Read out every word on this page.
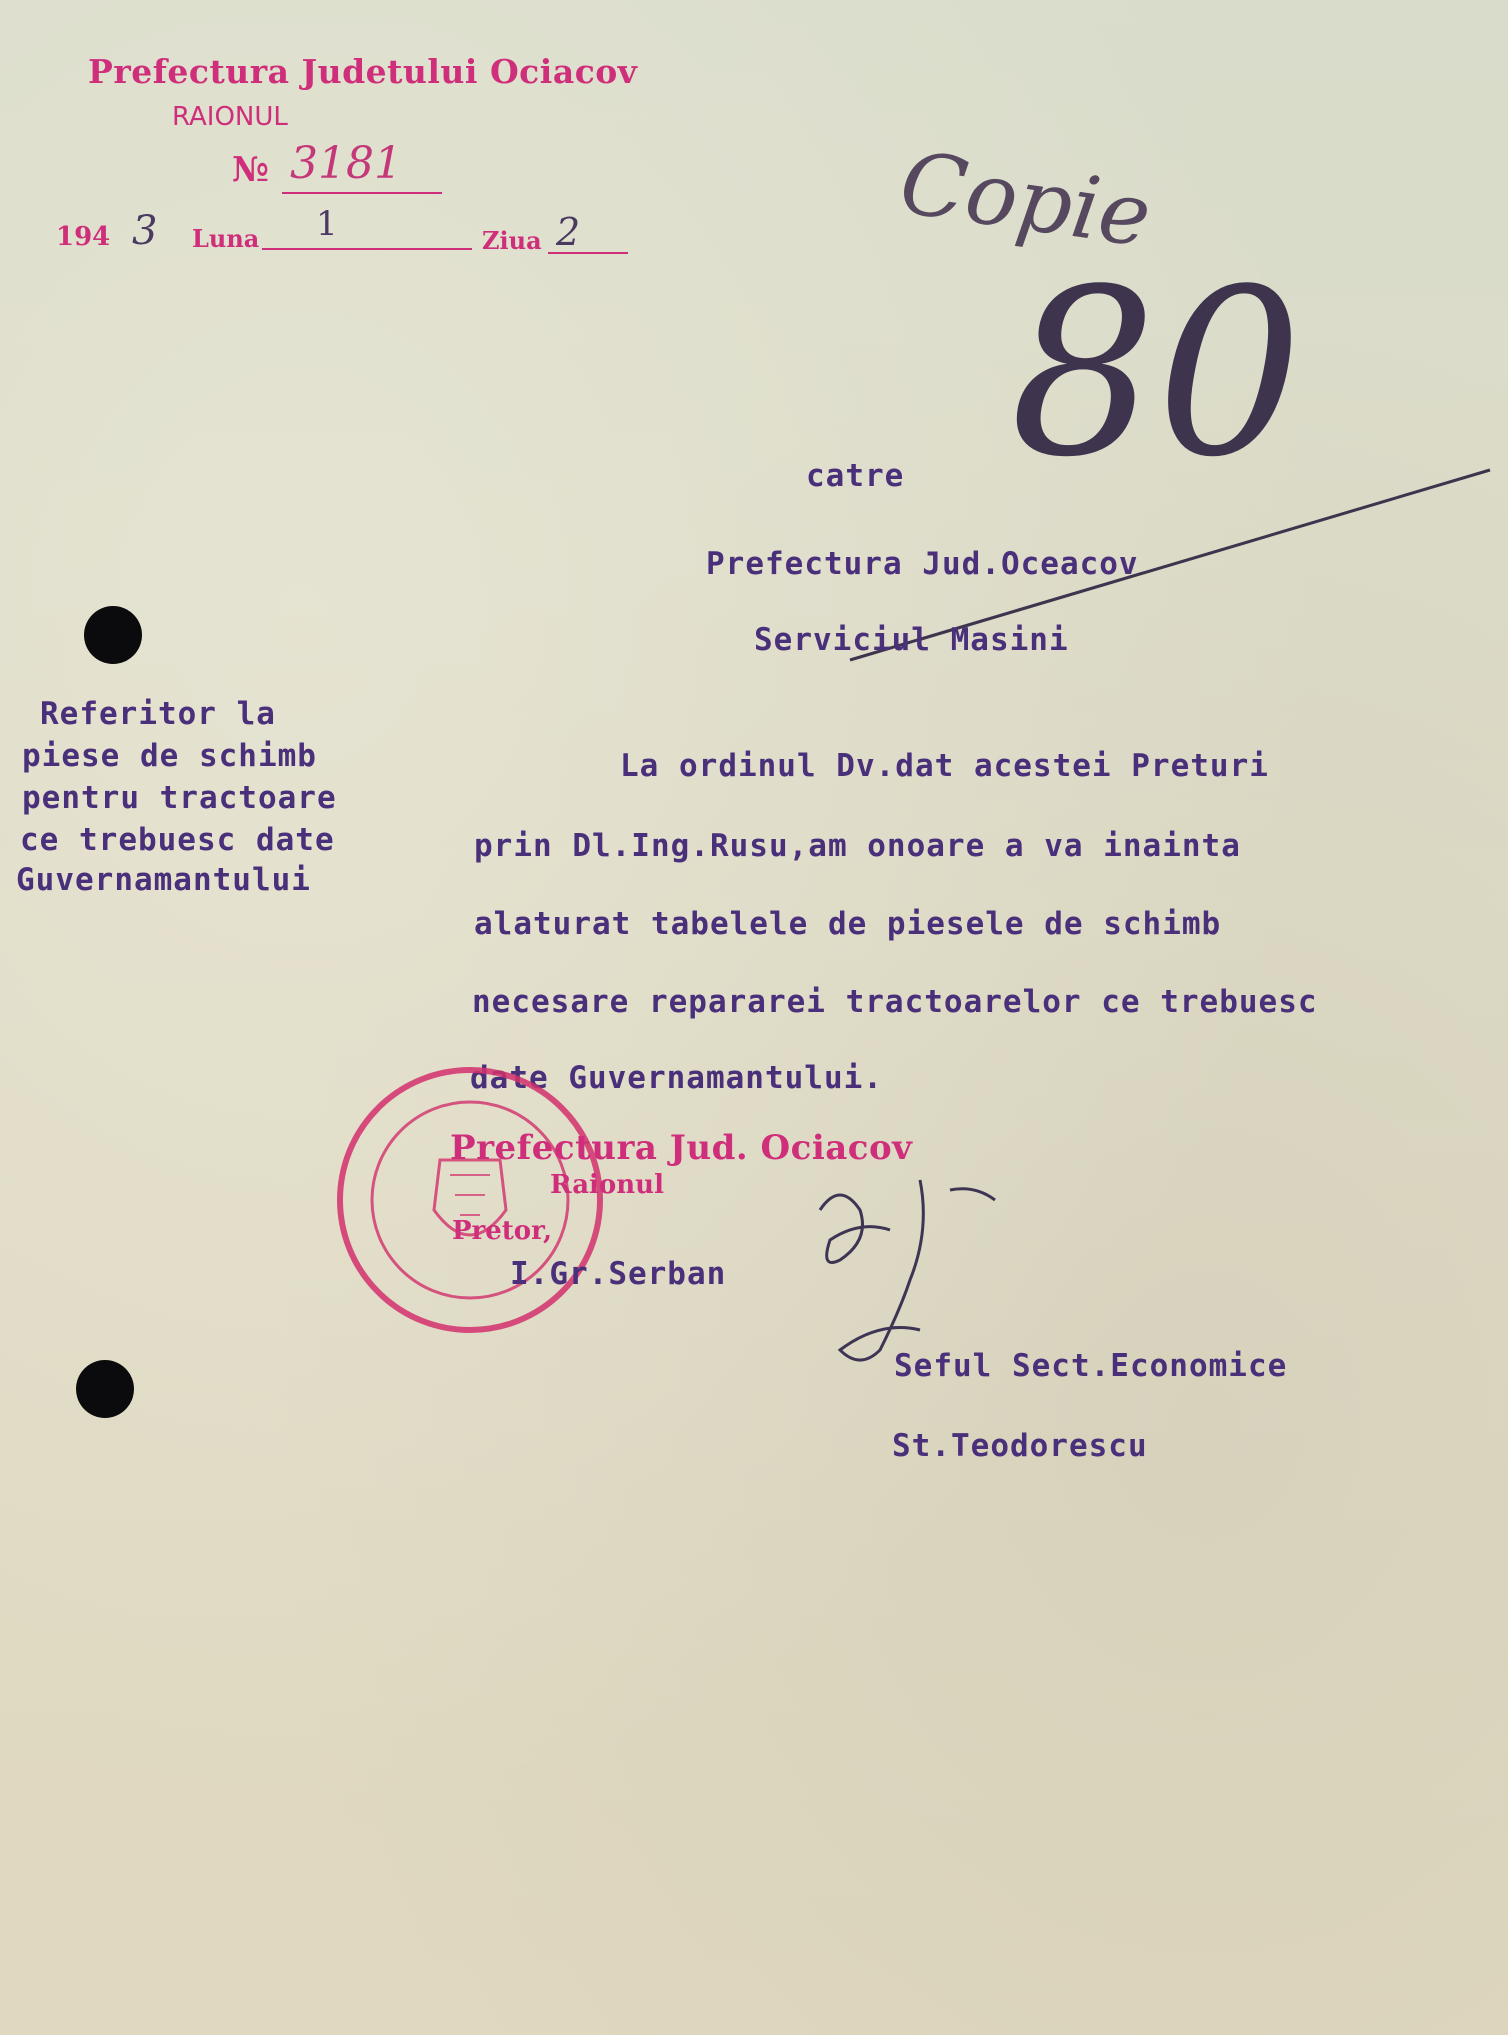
Prefectura Judetului Ociacov
RAIONUL
№ 3181
194 3 Luna 1	Ziua 2	Copie
80
Referitor la
piese de schimb
pentru tractoare
ce trebuesc date
Guvernamantului
catre
Prefectura Jud.Oceacov
Serviciul Masini
La ordinul Dv.dat acestei Preturi
prin Dl.Ing.Rusu,am onoare a va inainta
alaturat tabelele de piesele de schimb
necesare repararei tractoarelor ce trebuesc
date Guvernamantului.
Prefectura Jud. Ociacov
Raionul
Pretor,
I.Gr.Serban
Seful Sect.Economice
St.Teodorescu
